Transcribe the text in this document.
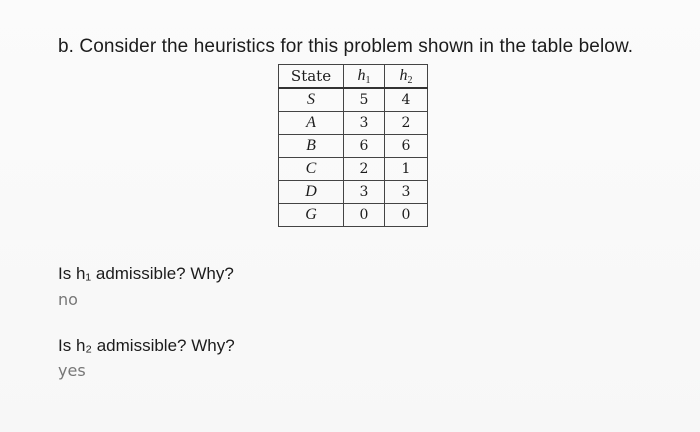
b. Consider the heuristics for this problem shown in the table below.
State	$h_1$	$h_2$
S	5	4
A	3	2
B	6	6
C	2	1
D	3	3
G	0	0
Is h₁ admissible? Why?
no
Is h₂ admissible? Why?
yes
